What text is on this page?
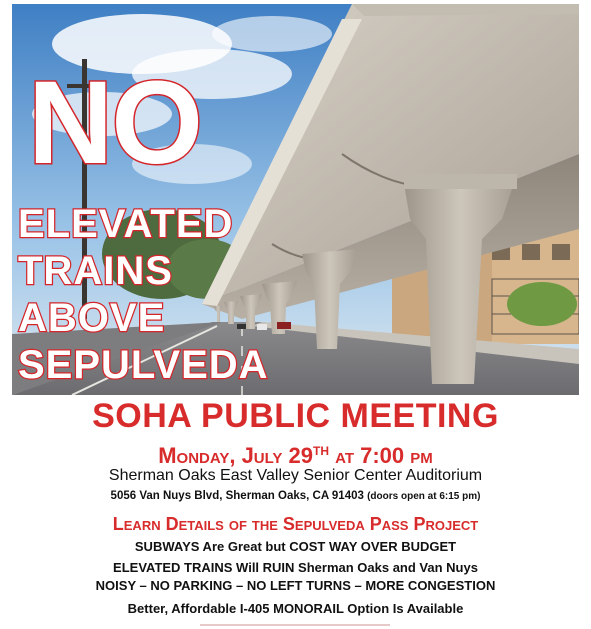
NO
ELEVATED
TRAINS
ABOVE
SEPULVEDA
SOHA PUBLIC MEETING
Monday, July 29TH at 7:00 pm
Sherman Oaks East Valley Senior Center Auditorium
5056 Van Nuys Blvd, Sherman Oaks, CA 91403 (doors open at 6:15 pm)
Learn Details of the Sepulveda Pass Project
SUBWAYS Are Great but COST WAY OVER BUDGET
ELEVATED TRAINS Will RUIN Sherman Oaks and Van Nuys
NOISY – NO PARKING – NO LEFT TURNS – MORE CONGESTION
Better, Affordable I-405 MONORAIL Option Is Available
